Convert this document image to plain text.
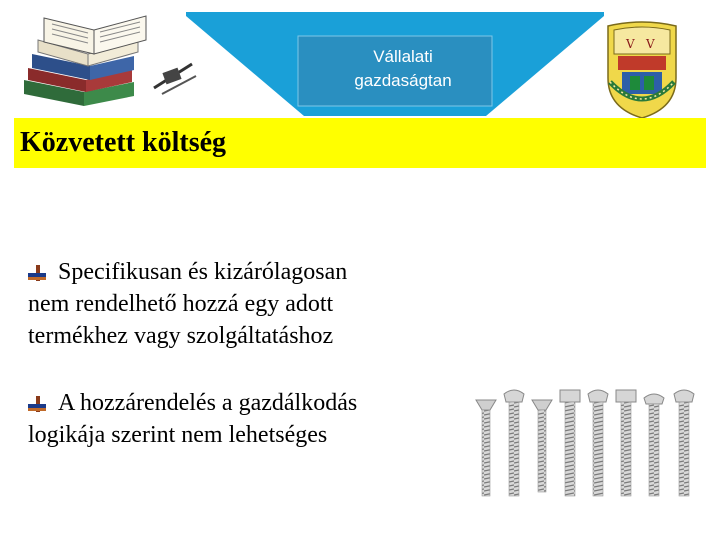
Vállalati
gazdaságtan
V V
Közvetett költség
Specifikusan és kizárólagosan
nem rendelhető hozzá egy adott
termékhez vagy szolgáltatáshoz
A hozzárendelés a gazdálkodás
logikája szerint nem lehetséges
